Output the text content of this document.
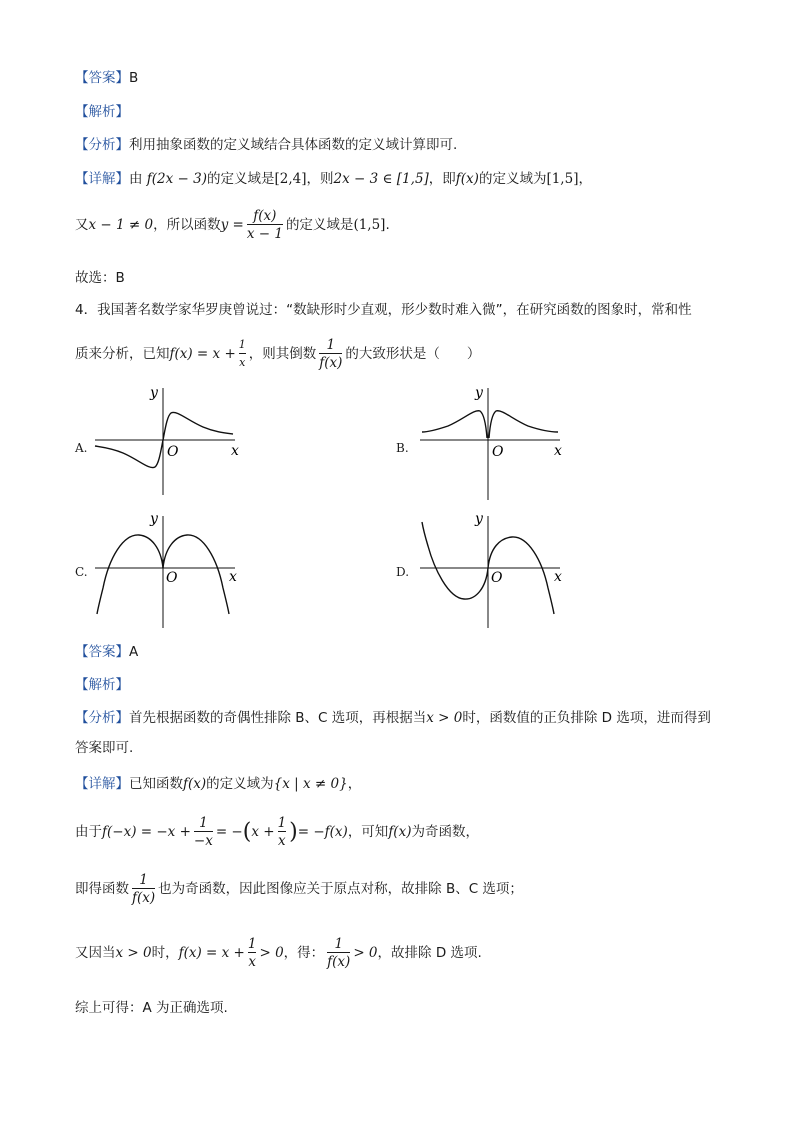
【答案】B
【解析】
【分析】利用抽象函数的定义域结合具体函数的定义域计算即可.
【详解】由 f(2x − 3)的定义域是[2,4]，则2x − 3 ∈ [1,5]，即f(x)的定义域为[1,5]，
又x − 1 ≠ 0，所以函数$y = \frac{f(x)}{x - 1}$ 的定义域是(1,5].
故选：B
4．我国著名数学家华罗庚曾说过：“数缺形时少直观，形少数时难入微”，在研究函数的图象时，常和性
质来分析，已知$f(x) = x + \frac{1}{x}$ ，则其倒数 $\frac{1}{f(x)}$ 的大致形状是（　　）
A.	x
y
O	B.	x
y
O
C.	x
y
O	D.	x
y
O
【答案】A
【解析】
【分析】首先根据函数的奇偶性排除 B、C 选项，再根据当x > 0时，函数值的正负排除 D 选项，进而得到
答案即可.
【详解】已知函数f(x)的定义域为{x | x ≠ 0}，
由于$f(-x) = -x + \frac{1}{-x} = -(x + \frac{1}{x}$ )= −f(x)，可知f(x)为奇函数，
即得函数 $\frac{1}{f(x)}$ 也为奇函数，因此图像应关于原点对称，故排除 B、C 选项；
又因当x > 0时，$f(x) = x + \frac{1}{x} > 0$，得： $\frac{1}{f(x)} > 0$，故排除 D 选项.
综上可得：A 为正确选项.
